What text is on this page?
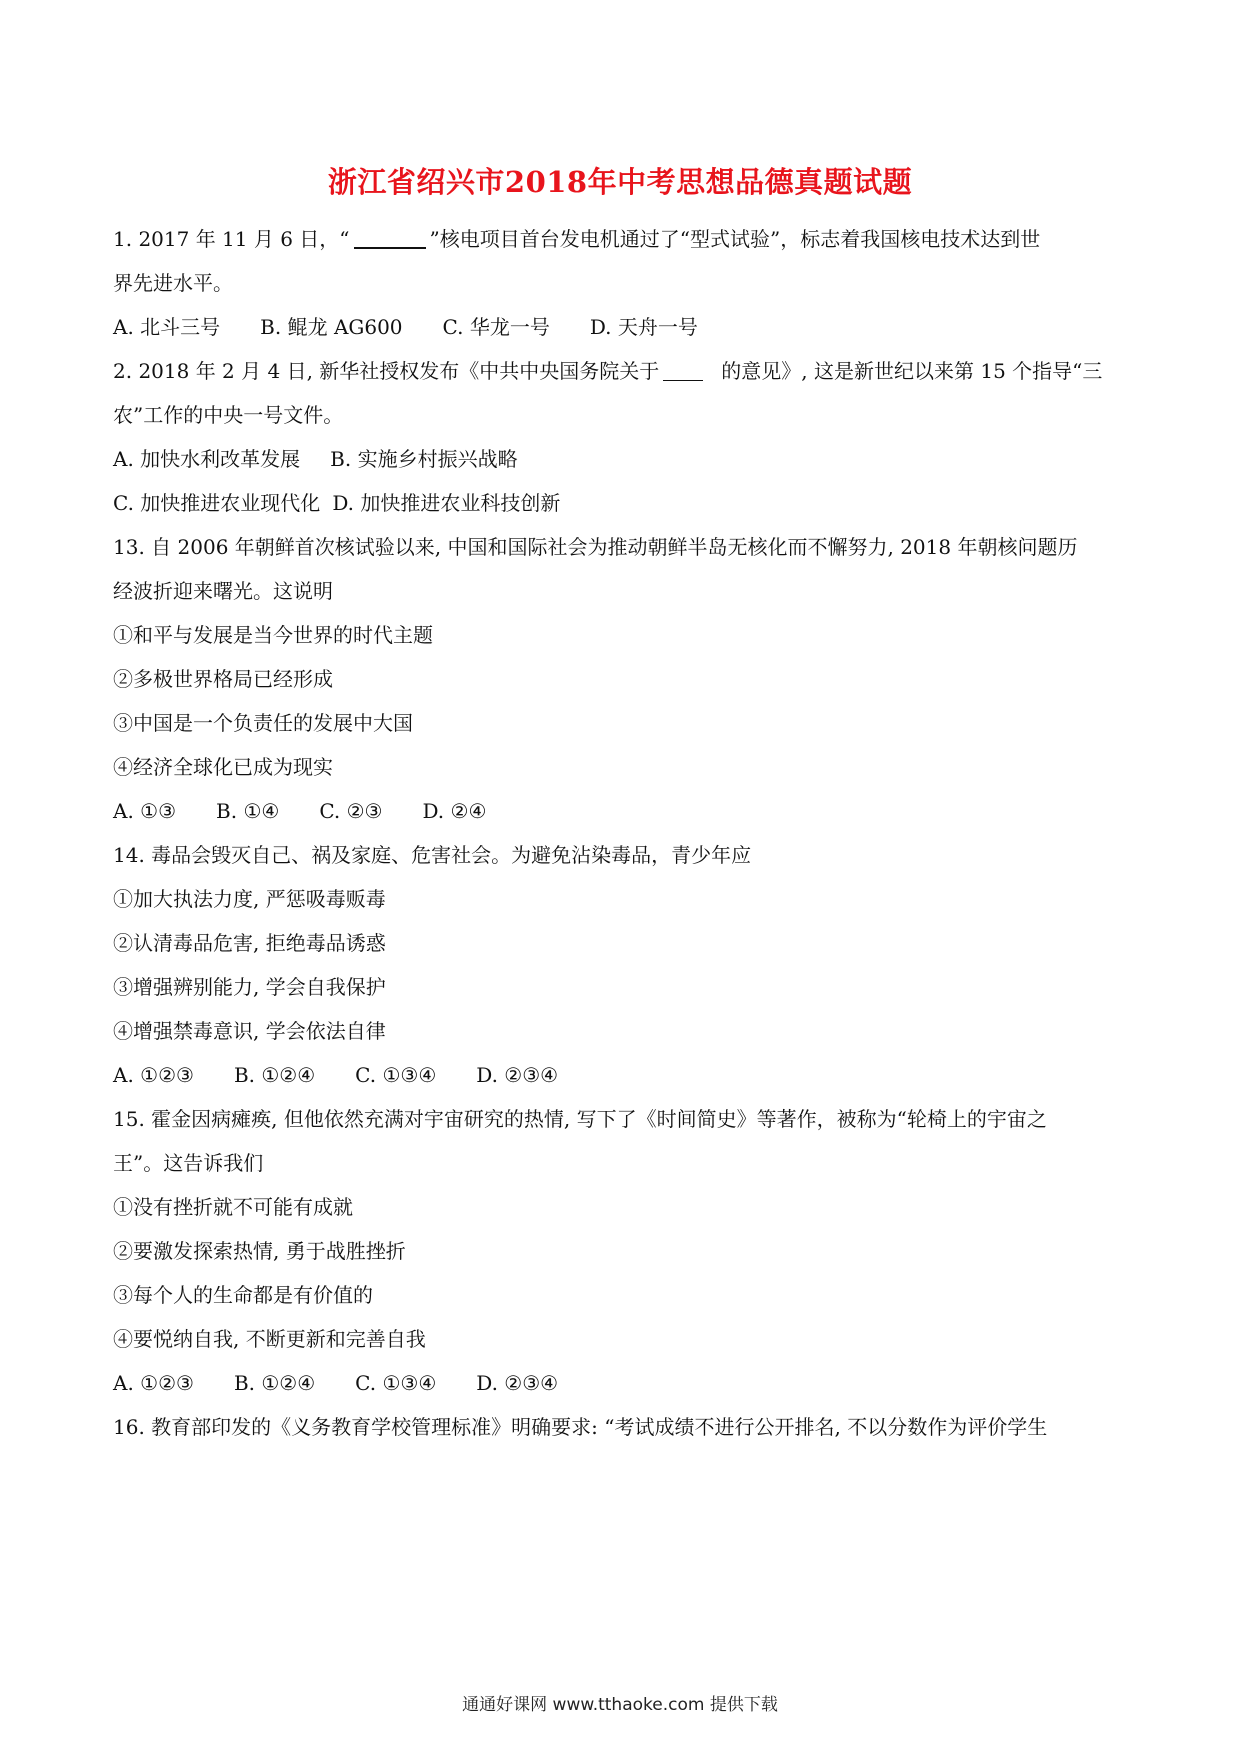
浙江省绍兴市2018年中考思想品德真题试题
1. 2017 年 11 月 6 日，“	”核电项目首台发电机通过了“型式试验”，标志着我国核电技术达到世
界先进水平。
A. 北斗三号 B. 鲲龙 AG600 C. 华龙一号 D. 天舟一号
2. 2018 年 2 月 4 日, 新华社授权发布《中共中央国务院关于	的意见》, 这是新世纪以来第 15 个指导“三
农”工作的中央一号文件。
A. 加快水利改革发展 B. 实施乡村振兴战略
C. 加快推进农业现代化 D. 加快推进农业科技创新
13. 自 2006 年朝鲜首次核试验以来, 中国和国际社会为推动朝鲜半岛无核化而不懈努力, 2018 年朝核问题历
经波折迎来曙光。这说明
①和平与发展是当今世界的时代主题
②多极世界格局已经形成
③中国是一个负责任的发展中大国
④经济全球化已成为现实
A. ①③ B. ①④ C. ②③ D. ②④
14. 毒品会毁灭自己、祸及家庭、危害社会。为避免沾染毒品，青少年应
①加大执法力度, 严惩吸毒贩毒
②认清毒品危害, 拒绝毒品诱惑
③增强辨别能力, 学会自我保护
④增强禁毒意识, 学会依法自律
A. ①②③ B. ①②④ C. ①③④ D. ②③④
15. 霍金因病瘫痪, 但他依然充满对宇宙研究的热情, 写下了《时间简史》等著作，被称为“轮椅上的宇宙之
王”。这告诉我们
①没有挫折就不可能有成就
②要激发探索热情, 勇于战胜挫折
③每个人的生命都是有价值的
④要悦纳自我, 不断更新和完善自我
A. ①②③ B. ①②④ C. ①③④ D. ②③④
16. 教育部印发的《义务教育学校管理标准》明确要求: “考试成绩不进行公开排名, 不以分数作为评价学生
通通好课网 www.tthaoke.com 提供下载
